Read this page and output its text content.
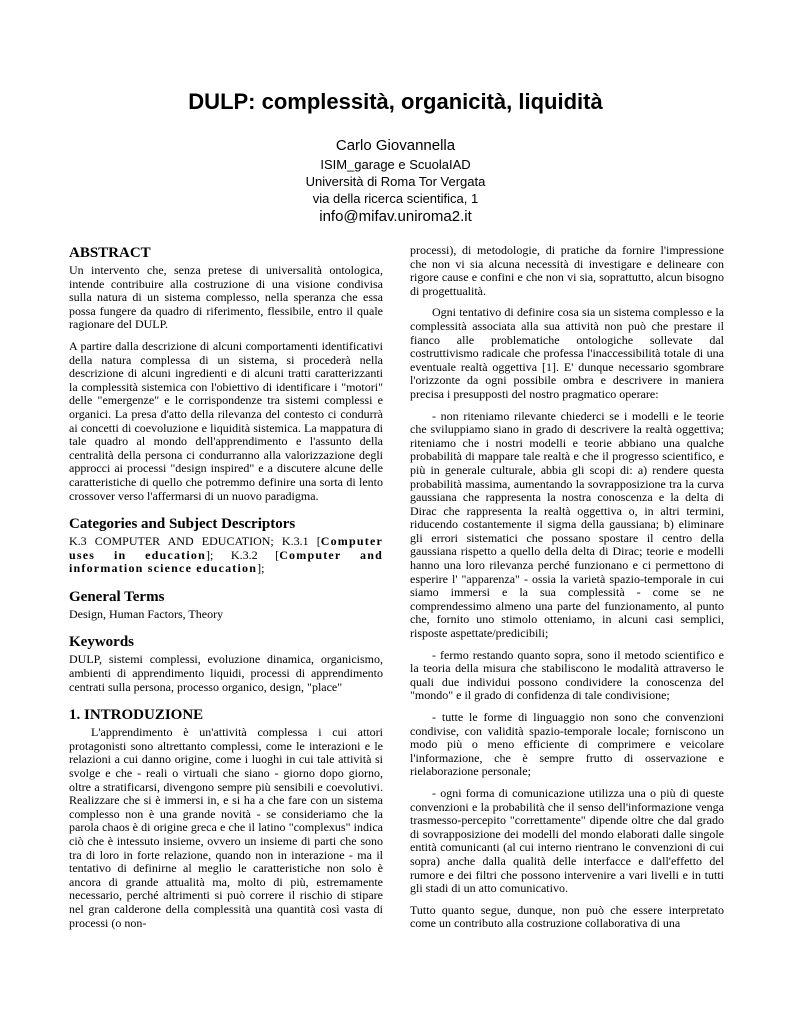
DULP: complessità, organicità, liquidità
Carlo Giovannella
ISIM_garage e ScuolaIAD
Università di Roma Tor Vergata
via della ricerca scientifica, 1
info@mifav.uniroma2.it
ABSTRACT

Un intervento che, senza pretese di universalità ontologica, intende contribuire alla costruzione di una visione condivisa sulla natura di un sistema complesso, nella speranza che essa possa fungere da quadro di riferimento, flessibile, entro il quale ragionare del DULP.

A partire dalla descrizione di alcuni comportamenti identificativi della natura complessa di un sistema, si procederà nella descrizione di alcuni ingredienti e di alcuni tratti caratterizzanti la complessità sistemica con l'obiettivo di identificare i "motori" delle "emergenze" e le corrispondenze tra sistemi complessi e organici. La presa d'atto della rilevanza del contesto ci condurrà ai concetti di coevoluzione e liquidità sistemica. La mappatura di tale quadro al mondo dell'apprendimento e l'assunto della centralità della persona ci condurranno alla valorizzazione degli approcci ai processi "design inspired" e a discutere alcune delle caratteristiche di quello che potremmo definire una sorta di lento crossover verso l'affermarsi di un nuovo paradigma.

Categories and Subject Descriptors

K.3 COMPUTER AND EDUCATION; K.3.1 [Computer uses in education]; K.3.2 [Computer and information science education];

General Terms

Design, Human Factors, Theory

Keywords

DULP, sistemi complessi, evoluzione dinamica, organicismo, ambienti di apprendimento liquidi, processi di apprendimento centrati sulla persona, processo organico, design, "place"

1. INTRODUZIONE

L'apprendimento è un'attività complessa i cui attori protagonisti sono altrettanto complessi, come le interazioni e le relazioni a cui danno origine, come i luoghi in cui tale attività si svolge e che - reali o virtuali che siano - giorno dopo giorno, oltre a stratificarsi, divengono sempre più sensibili e coevolutivi. Realizzare che si è immersi in, e si ha a che fare con un sistema complesso non è una grande novità - se consideriamo che la parola chaos è di origine greca e che il latino "complexus" indica ciò che è intessuto insieme, ovvero un insieme di parti che sono tra di loro in forte relazione, quando non in interazione - ma il tentativo di definirne al meglio le caratteristiche non solo è ancora di grande attualità ma, molto di più, estremamente necessario, perché altrimenti si può correre il rischio di stipare nel gran calderone della complessità una quantità così vasta di processi (o non-

processi), di metodologie, di pratiche da fornire l'impressione che non vi sia alcuna necessità di investigare e delineare con rigore cause e confini e che non vi sia, soprattutto, alcun bisogno di progettualità.

Ogni tentativo di definire cosa sia un sistema complesso e la complessità associata alla sua attività non può che prestare il fianco alle problematiche ontologiche sollevate dal costruttivismo radicale che professa l'inaccessibilità totale di una eventuale realtà oggettiva [1]. E' dunque necessario sgombrare l'orizzonte da ogni possibile ombra e descrivere in maniera precisa i presupposti del nostro pragmatico operare:

- non riteniamo rilevante chiederci se i modelli e le teorie che sviluppiamo siano in grado di descrivere la realtà oggettiva; riteniamo che i nostri modelli e teorie abbiano una qualche probabilità di mappare tale realtà e che il progresso scientifico, e più in generale culturale, abbia gli scopi di: a) rendere questa probabilità massima, aumentando la sovrapposizione tra la curva gaussiana che rappresenta la nostra conoscenza e la delta di Dirac che rappresenta la realtà oggettiva o, in altri termini, riducendo costantemente il sigma della gaussiana; b) eliminare gli errori sistematici che possano spostare il centro della gaussiana rispetto a quello della delta di Dirac; teorie e modelli hanno una loro rilevanza perché funzionano e ci permettono di esperire l' "apparenza" - ossia la varietà spazio-temporale in cui siamo immersi e la sua complessità - come se ne comprendessimo almeno una parte del funzionamento, al punto che, fornito uno stimolo otteniamo, in alcuni casi semplici, risposte aspettate/predicibili;

- fermo restando quanto sopra, sono il metodo scientifico e la teoria della misura che stabiliscono le modalità attraverso le quali due individui possono condividere la conoscenza del "mondo" e il grado di confidenza di tale condivisione;

- tutte le forme di linguaggio non sono che convenzioni condivise, con validità spazio-temporale locale; forniscono un modo più o meno efficiente di comprimere e veicolare l'informazione, che è sempre frutto di osservazione e rielaborazione personale;

- ogni forma di comunicazione utilizza una o più di queste convenzioni e la probabilità che il senso dell'informazione venga trasmesso-percepito "correttamente" dipende oltre che dal grado di sovrapposizione dei modelli del mondo elaborati dalle singole entità comunicanti (al cui interno rientrano le convenzioni di cui sopra) anche dalla qualità delle interfacce e dall'effetto del rumore e dei filtri che possono intervenire a vari livelli e in tutti gli stadi di un atto comunicativo.

Tutto quanto segue, dunque, non può che essere interpretato come un contributo alla costruzione collaborativa di una
